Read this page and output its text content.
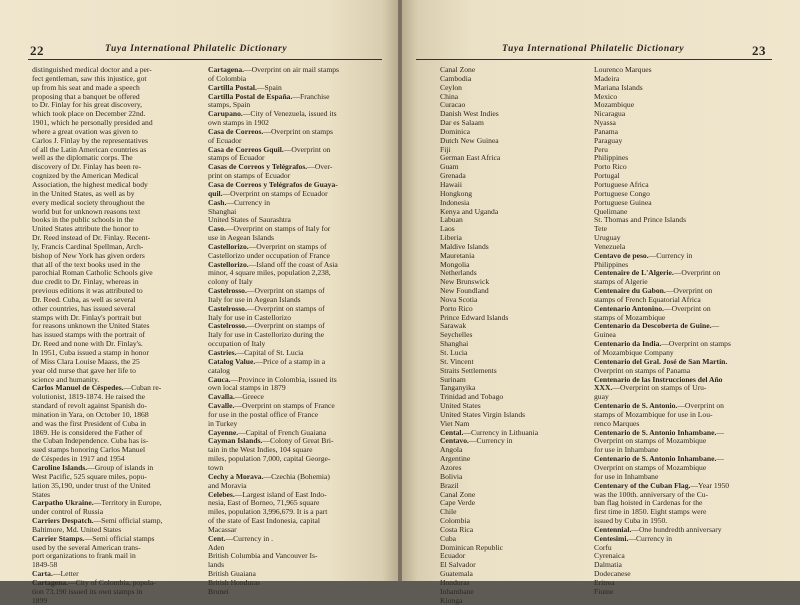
22	Tuya International Philatelic Dictionary
distinguished medical doctor and a per-
fect gentleman, saw this injustice, got
up from his seat and made a speech
proposing that a banquet be offered
to Dr. Finlay for his great discovery,
which took place on December 22nd.
1901, which he personally presided and
where a great ovation was given to
Carlos J. Finlay by the representatives
of all the Latin American countries as
well as the diplomatic corps. The
discovery of Dr. Finlay has been re-
cognized by the American Medical
Association, the highest medical body
in the United States, as well as by
every medical society throughout the
world but for unknown reasons text
books in the public schools in the
United States attribute the honor to
Dr. Reed instead of Dr. Finlay. Recent-
ly, Francis Cardinal Spellman, Arch-
bishop of New York has given orders
that all of the text books used in the
parochial Roman Catholic Schools give
due credit to Dr. Finlay, whereas in
previous editions it was attributed to
Dr. Reed. Cuba, as well as several
other countries, has issued several
stamps with Dr. Finlay's portrait but
for reasons unknown the United States
has issued stamps with the portrait of
Dr. Reed and none with Dr. Finlay's.
In 1951, Cuba issued a stamp in honor
of Miss Clara Louise Maass, the 25
year old nurse that gave her life to
science and humanity.
Carlos Manuel de Céspedes.—Cuban re-
volutionist, 1819-1874. He raised the
standard of revolt against Spanish do-
mination in Yara, on October 10, 1868
and was the first President of Cuba in
1869. He is considered the Father of
the Cuban Independence. Cuba has is-
sued stamps honoring Carlos Manuel
de Céspedes in 1917 and 1954
Caroline Islands.—Group of islands in
West Pacific, 525 square miles, popu-
lation 35,190, under trust of the United
States
Carpatho Ukraine.—Territory in Europe,
under control of Russia
Carriers Despatch.—Semi official stamp,
Baltimore, Md. United States
Carrier Stamps.—Semi official stamps
used by the several American trans-
port organizations to frank mail in
1849-58
Carta.—Letter
Cartagena.—City of Colombia, popula-
tion 73,190 issued its own stamps in
1899
Cartagena.—Overprint on air mail stamps
of Colombia
Cartilla Postal.—Spain
Cartilla Postal de España.—Franchise
stamps, Spain
Carupano.—City of Venezuela, issued its
own stamps in 1902
Casa de Correos.—Overprint on stamps
of Ecuador
Casa de Correos Gquil.—Overprint on
stamps of Ecuador
Casas de Correos y Telégrafos.—Over-
print on stamps of Ecuador
Casa de Correos y Telégrafos de Guaya-
quil.—Overprint on stamps of Ecuador
Cash.—Currency in
Shanghai
United States of Saurashtra
Caso.—Overprint on stamps of Italy for
use in Aegean Islands
Castellorizo.—Overprint on stamps of
Castellorizo under occupation of France
Castellorizo.—Island off the coast of Asia
minor, 4 square miles, population 2,238,
colony of Italy
Castelrosso.—Overprint on stamps of
Italy for use in Aegean Islands
Castelrosso.—Overprint on stamps of
Italy for use in Castellorizo
Castelrosso.—Overprint on stamps of
Italy for use in Castellorizo during the
occupation of Italy
Castries.—Capital of St. Lucia
Catalog Value.—Price of a stamp in a
catalog
Cauca.—Province in Colombia, issued its
own local stamps in 1879
Cavalla.—Greece
Cavalle.—Overprint on stamps of France
for use in the postal office of France
in Turkey
Cayenne.—Capital of French Guaiana
Cayman Islands.—Colony of Great Bri-
tain in the West Indies, 104 square
miles, population 7,000, capital George-
town
Cechy a Morava.—Czechia (Bohemia)
and Moravia
Celebes.—Largest island of East Indo-
nesia, East of Borneo, 71,965 square
miles, population 3,996,679. It is a part
of the state of East Indonesia, capital
Macassar
Cent.—Currency in .
Aden
British Columbia and Vancouver Is-
lands
British Guaiana
British Honduras
Brunei
Tuya International Philatelic Dictionary	23
Canal Zone
Cambodia
Ceylon
China
Curacao
Danish West Indies
Dar es Salaam
Dominica
Dutch New Guinea
Fiji
German East Africa
Guam
Grenada
Hawaii
Hongkong
Indonesia
Kenya and Uganda
Labuan
Laos
Liberia
Maldive Islands
Mauretania
Mongolia
Netherlands
New Brunswick
New Foundland
Nova Scotia
Porto Rico
Prince Edward Islands
Sarawak
Seychelles
Shanghai
St. Lucia
St. Vincent
Straits Settlements
Surinam
Tanganyika
Trinidad and Tobago
United States
United States Virgin Islands
Viet Nam
Cental.—Currency in Lithuania
Centavo.—Currency in
Angola
Argentine
Azores
Bolivia
Brazil
Canal Zone
Cape Verde
Chile
Colombia
Costa Rica
Cuba
Dominican Republic
Ecuador
El Salvador
Guatemala
Honduras
Inhambane
Kionga
Lourenco Marques
Madeira
Mariana Islands
Mexico
Mozambique
Nicaragua
Nyassa
Panama
Paraguay
Peru
Philippines
Porto Rico
Portugal
Portuguese Africa
Portuguese Congo
Portuguese Guinea
Quelimane
St. Thomas and Prince Islands
Tete
Uruguay
Venezuela
Centavo de peso.—Currency in
Philippines
Centenaire de L'Algerie.—Overprint on
stamps of Algerie
Centenaire du Gabon.—Overprint on
stamps of French Equatorial Africa
Centenario Antonino.—Overprint on
stamps of Mozambique
Centenario da Descoberta de Guine.—
Guinea
Centenario da India.—Overprint on stamps
of Mozambique Company
Centenario del Gral. José de San Martín.
Overprint on stamps of Panama
Centenario de las Instrucciones del Año
XXX.—Overprint on stamps of Uru-
guay
Centenario de S. Antonio.—Overprint on
stamps of Mozambique for use in Lou-
renco Marques
Centenario de S. Antonio Inhambane.—
Overprint on stamps of Mozambique
for use in Inhambane
Centenario de S. Antonio Inhambane.—
Overprint on stamps of Mozambique
for use in Inhambane
Centenary of the Cuban Flag.—Year 1950
was the 100th. anniversary of the Cu-
ban flag hoisted in Cardenas for the
first time in 1850. Eight stamps were
issued by Cuba in 1950.
Centennial.—One hundredth anniversary
Centesimi.—Currency in
Corfu
Cyrenaica
Dalmatia
Dodecanese
Eritrea
Fiume
